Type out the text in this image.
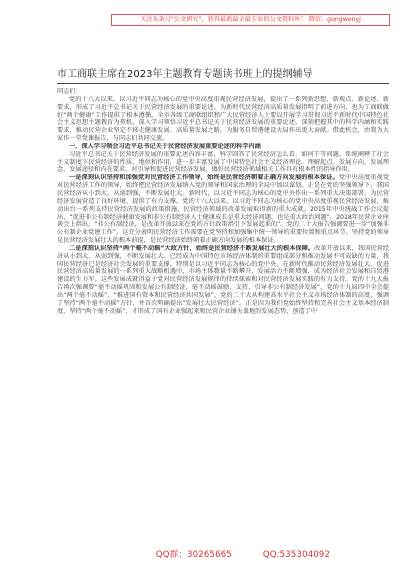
关注头条号"公文研究"，获得最新最全最专业的公文资料库！ 微信：gongwenyj
市工商联主席在2023年主题教育专题读书班上的提纲辅导

同志们：

党的十八大以来，以习近平同志为核心的党中央高度重视民营经济发展，提出了一系列新思想、新观点、新论述、新要求，形成了习近平总书记关于民营经济发展的重要论述，为新时代民营经济高质量发展指明了前进方向，也为工商联做好“两个健康”工作提供了根本遵循。全市各级工商联组织和广大民营经济人士要以开展学习贯彻习近平新时代中国特色社会主义思想主题教育为契机，深入学习领悟习近平总书记关于民营经济发展的重要论述，深刻把握其中的科学内涵和实践要求，推动民营企业坚定不移走健康发展、高质量发展之路，为服务自贸港建设大局作出更大贡献。借此机会，由我为大家作一堂党课报告，与同志们共同交流。

一、深入学习领会习近平总书记关于民营经济发展重要论述的科学内涵

习近平总书记关于民营经济发展的重要论述内容丰富，科学回答了民营经济怎么看、如何干等问题，系统阐释了社会主义制度下民营经济的性质、地位和作用，进一步丰富发展了中国特色社会主义经济理论。理解起点、发展方向、发展理念、发展途径和内在要求，对引导和促进民营经济发展，做好民营经济领域相关工作具有根本性的指导作用。

一是深刻认识坚持和加强党对民营经济工作领导，始终是民营经济朝着正确方向发展的根本保证。党中央高度重视党对民营经济工作的领导，始终把民营经济发展纳入党的领导和国家治理的全局中加以谋划。正是在党的坚强领导下，我国民营经济从小到大、从弱到强，不断发展壮大。新时代，以习近平同志为核心的党中央作出一系列重大决策部署，为民营经济发展营造了良好环境、提供了有力支撑。党的十八大以来，以习近平同志为核心的党中央高度重视民营经济发展，推动出台一系列支持民营经济发展的政策措施，民营经济领域的改革发展取得新的重大成就。2015年中央统战工作会议提出，“促进非公有制经济健康发展和非公有制经济人士健康成长是重大经济问题，也是重大政治问题”。2018年民营企业座谈会上指出，“非公有制经济，是改革开放以来在党的方针政策指引下发展起来的”。党的二十大报告强调要进一步“加强非公有制企业党建工作”。这充分表明民营经济工作需要在党坚持和加强集中统一领导的重要位置和重点环节。坚持党的领导是民营经济发展壮大的根本前提，是民营经济始终朝着正确方向发展的根本保证。

二是深刻认识坚持“两个毫不动摇”大政方针，始终是民营经济不断发展壮大的根本保障。改革开放以来，我国民营经济从小到大、从弱到强，不断发展壮大。已经成为中国特色市场经济体制的重要组成部分和推动发展不可或缺的力量，我国民营经济已是经济社会发展的重要支撑。特别是以习近平同志为核心的党中央，在新时代推动民营经济发展壮大、促进民营经济高质量发展的一系列重大战略机遇中，市场主体数量不断攀升，发展活力不断增强，成为经济社会发展和自贸港建设的生力军。这些发展成就得益于党对民营经济发展规律的持续探索和对民营经济发展实践的有力支持。党的十九大报告再次强调要“毫不动摇巩固和发展公有制经济，毫不动摇鼓励、支持、引导非公有制经济发展”，党的十九届四中全会提出“两个毫不动摇”、“推进国有资本和民营经济共同发展”，党的二十大从构建高水平社会主义市场经济体制的高度，强调了坚持“两个毫不动摇”方针，并首次明确提出“发展壮大民营经济”。正是因为我们党始终坚持和完善社会主义基本经济制度，坚持“两个毫不动摇”，才形成了国有企业强起来和民营企业铺天盖地的发展态势，创造了中

QQ群：30265665	QQ:535304092
